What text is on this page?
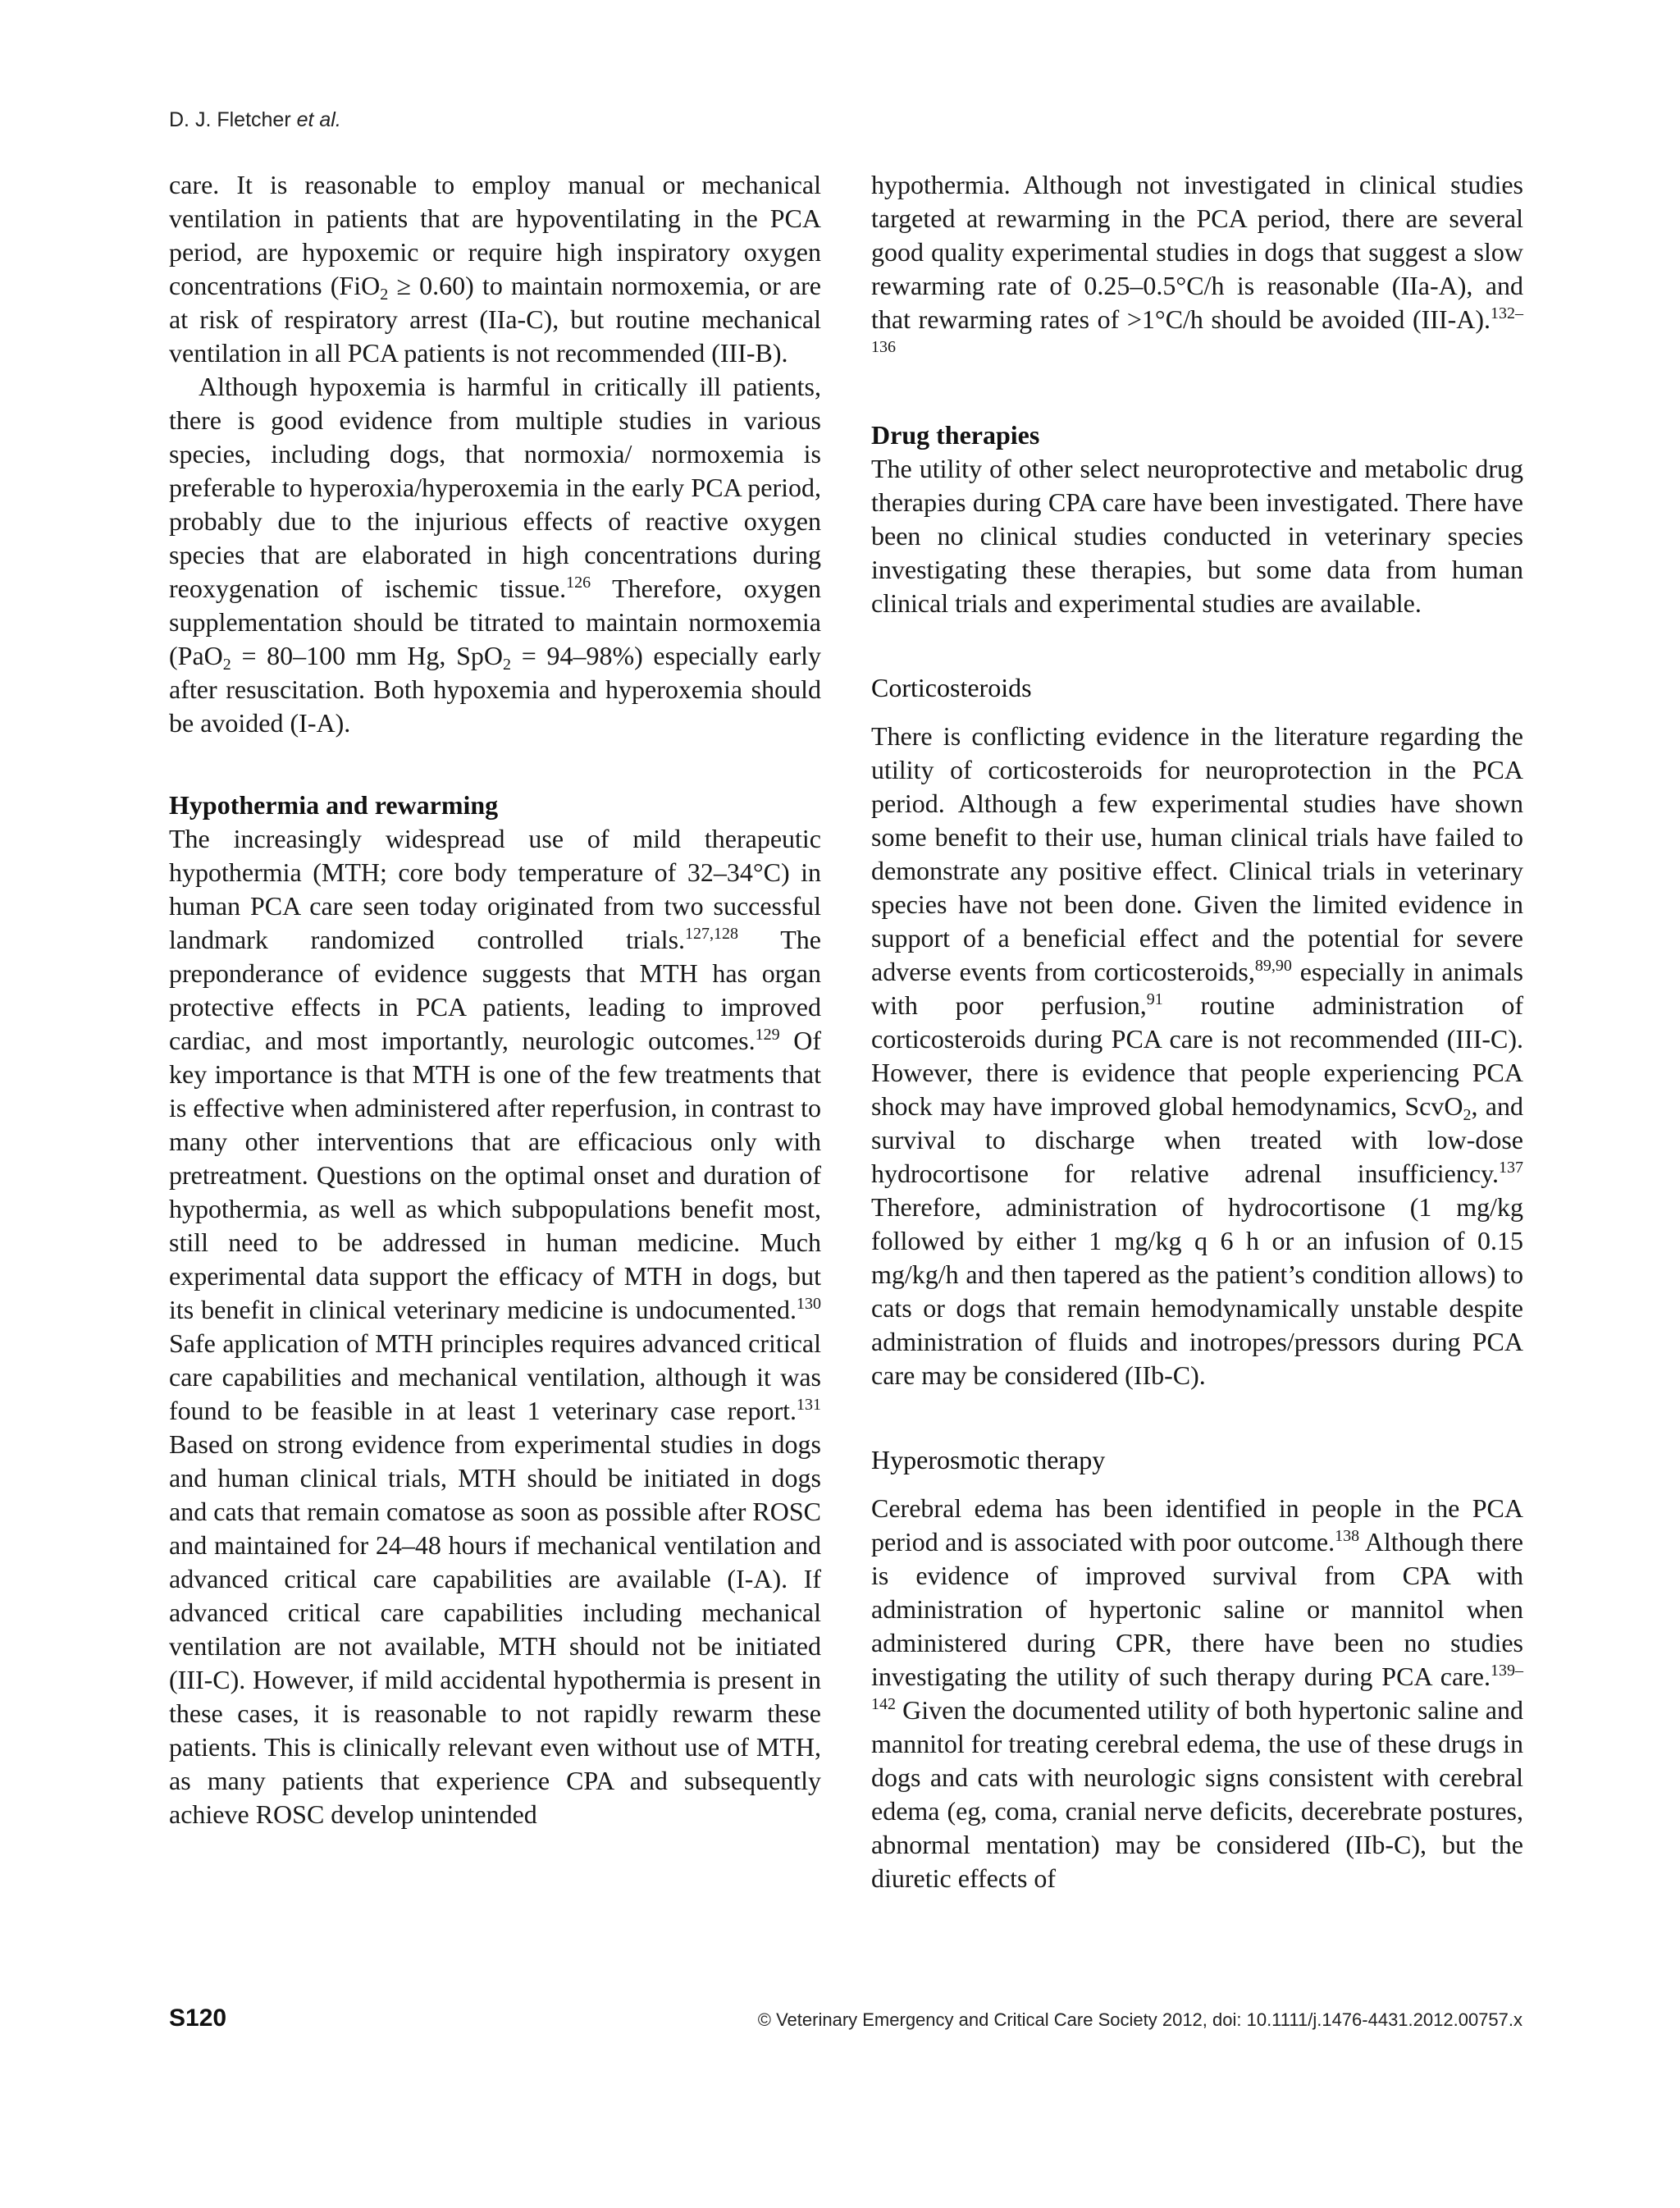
D. J. Fletcher et al.

care. It is reasonable to employ manual or mechanical ventilation in patients that are hypoventilating in the PCA period, are hypoxemic or require high inspiratory oxygen concentrations (FiO$_2$ ≥ 0.60) to maintain normoxemia, or are at risk of respiratory arrest (IIa-C), but routine mechanical ventilation in all PCA patients is not recommended (III-B).

Although hypoxemia is harmful in critically ill patients, there is good evidence from multiple studies in various species, including dogs, that normoxia/ normoxemia is preferable to hyperoxia/hyperoxemia in the early PCA period, probably due to the injurious effects of reactive oxygen species that are elaborated in high concentrations during reoxygenation of ischemic tissue.$^{126}$ Therefore, oxygen supplementation should be titrated to maintain normoxemia (PaO$_2$ = 80–100 mm Hg, SpO$_2$ = 94–98%) especially early after resuscitation. Both hypoxemia and hyperoxemia should be avoided (I-A).

Hypothermia and rewarming

The increasingly widespread use of mild therapeutic hypothermia (MTH; core body temperature of 32–34°C) in human PCA care seen today originated from two successful landmark randomized controlled trials.$^{127,128}$ The preponderance of evidence suggests that MTH has organ protective effects in PCA patients, leading to improved cardiac, and most importantly, neurologic outcomes.$^{129}$ Of key importance is that MTH is one of the few treatments that is effective when administered after reperfusion, in contrast to many other interventions that are efficacious only with pretreatment. Questions on the optimal onset and duration of hypothermia, as well as which subpopulations benefit most, still need to be addressed in human medicine. Much experimental data support the efficacy of MTH in dogs, but its benefit in clinical veterinary medicine is undocumented.$^{130}$ Safe application of MTH principles requires advanced critical care capabilities and mechanical ventilation, although it was found to be feasible in at least 1 veterinary case report.$^{131}$ Based on strong evidence from experimental studies in dogs and human clinical trials, MTH should be initiated in dogs and cats that remain comatose as soon as possible after ROSC and maintained for 24–48 hours if mechanical ventilation and advanced critical care capabilities are available (I-A). If advanced critical care capabilities including mechanical ventilation are not available, MTH should not be initiated (III-C). However, if mild accidental hypothermia is present in these cases, it is reasonable to not rapidly rewarm these patients. This is clinically relevant even without use of MTH, as many patients that experience CPA and subsequently achieve ROSC develop unintended

hypothermia. Although not investigated in clinical studies targeted at rewarming in the PCA period, there are several good quality experimental studies in dogs that suggest a slow rewarming rate of 0.25–0.5°C/h is reasonable (IIa-A), and that rewarming rates of >1°C/h should be avoided (III-A).$^{132-136}$

Drug therapies

The utility of other select neuroprotective and metabolic drug therapies during CPA care have been investigated. There have been no clinical studies conducted in veterinary species investigating these therapies, but some data from human clinical trials and experimental studies are available.

Corticosteroids

There is conflicting evidence in the literature regarding the utility of corticosteroids for neuroprotection in the PCA period. Although a few experimental studies have shown some benefit to their use, human clinical trials have failed to demonstrate any positive effect. Clinical trials in veterinary species have not been done. Given the limited evidence in support of a beneficial effect and the potential for severe adverse events from corticosteroids,$^{89,90}$ especially in animals with poor perfusion,$^{91}$ routine administration of corticosteroids during PCA care is not recommended (III-C). However, there is evidence that people experiencing PCA shock may have improved global hemodynamics, ScvO$_2$, and survival to discharge when treated with low-dose hydrocortisone for relative adrenal insufficiency.$^{137}$ Therefore, administration of hydrocortisone (1 mg/kg followed by either 1 mg/kg q 6 h or an infusion of 0.15 mg/kg/h and then tapered as the patient’s condition allows) to cats or dogs that remain hemodynamically unstable despite administration of fluids and inotropes/pressors during PCA care may be considered (IIb-C).

Hyperosmotic therapy

Cerebral edema has been identified in people in the PCA period and is associated with poor outcome.$^{138}$ Although there is evidence of improved survival from CPA with administration of hypertonic saline or mannitol when administered during CPR, there have been no studies investigating the utility of such therapy during PCA care.$^{139-142}$ Given the documented utility of both hypertonic saline and mannitol for treating cerebral edema, the use of these drugs in dogs and cats with neurologic signs consistent with cerebral edema (eg, coma, cranial nerve deficits, decerebrate postures, abnormal mentation) may be considered (IIb-C), but the diuretic effects of

S120	© Veterinary Emergency and Critical Care Society 2012, doi: 10.1111/j.1476-4431.2012.00757.x
